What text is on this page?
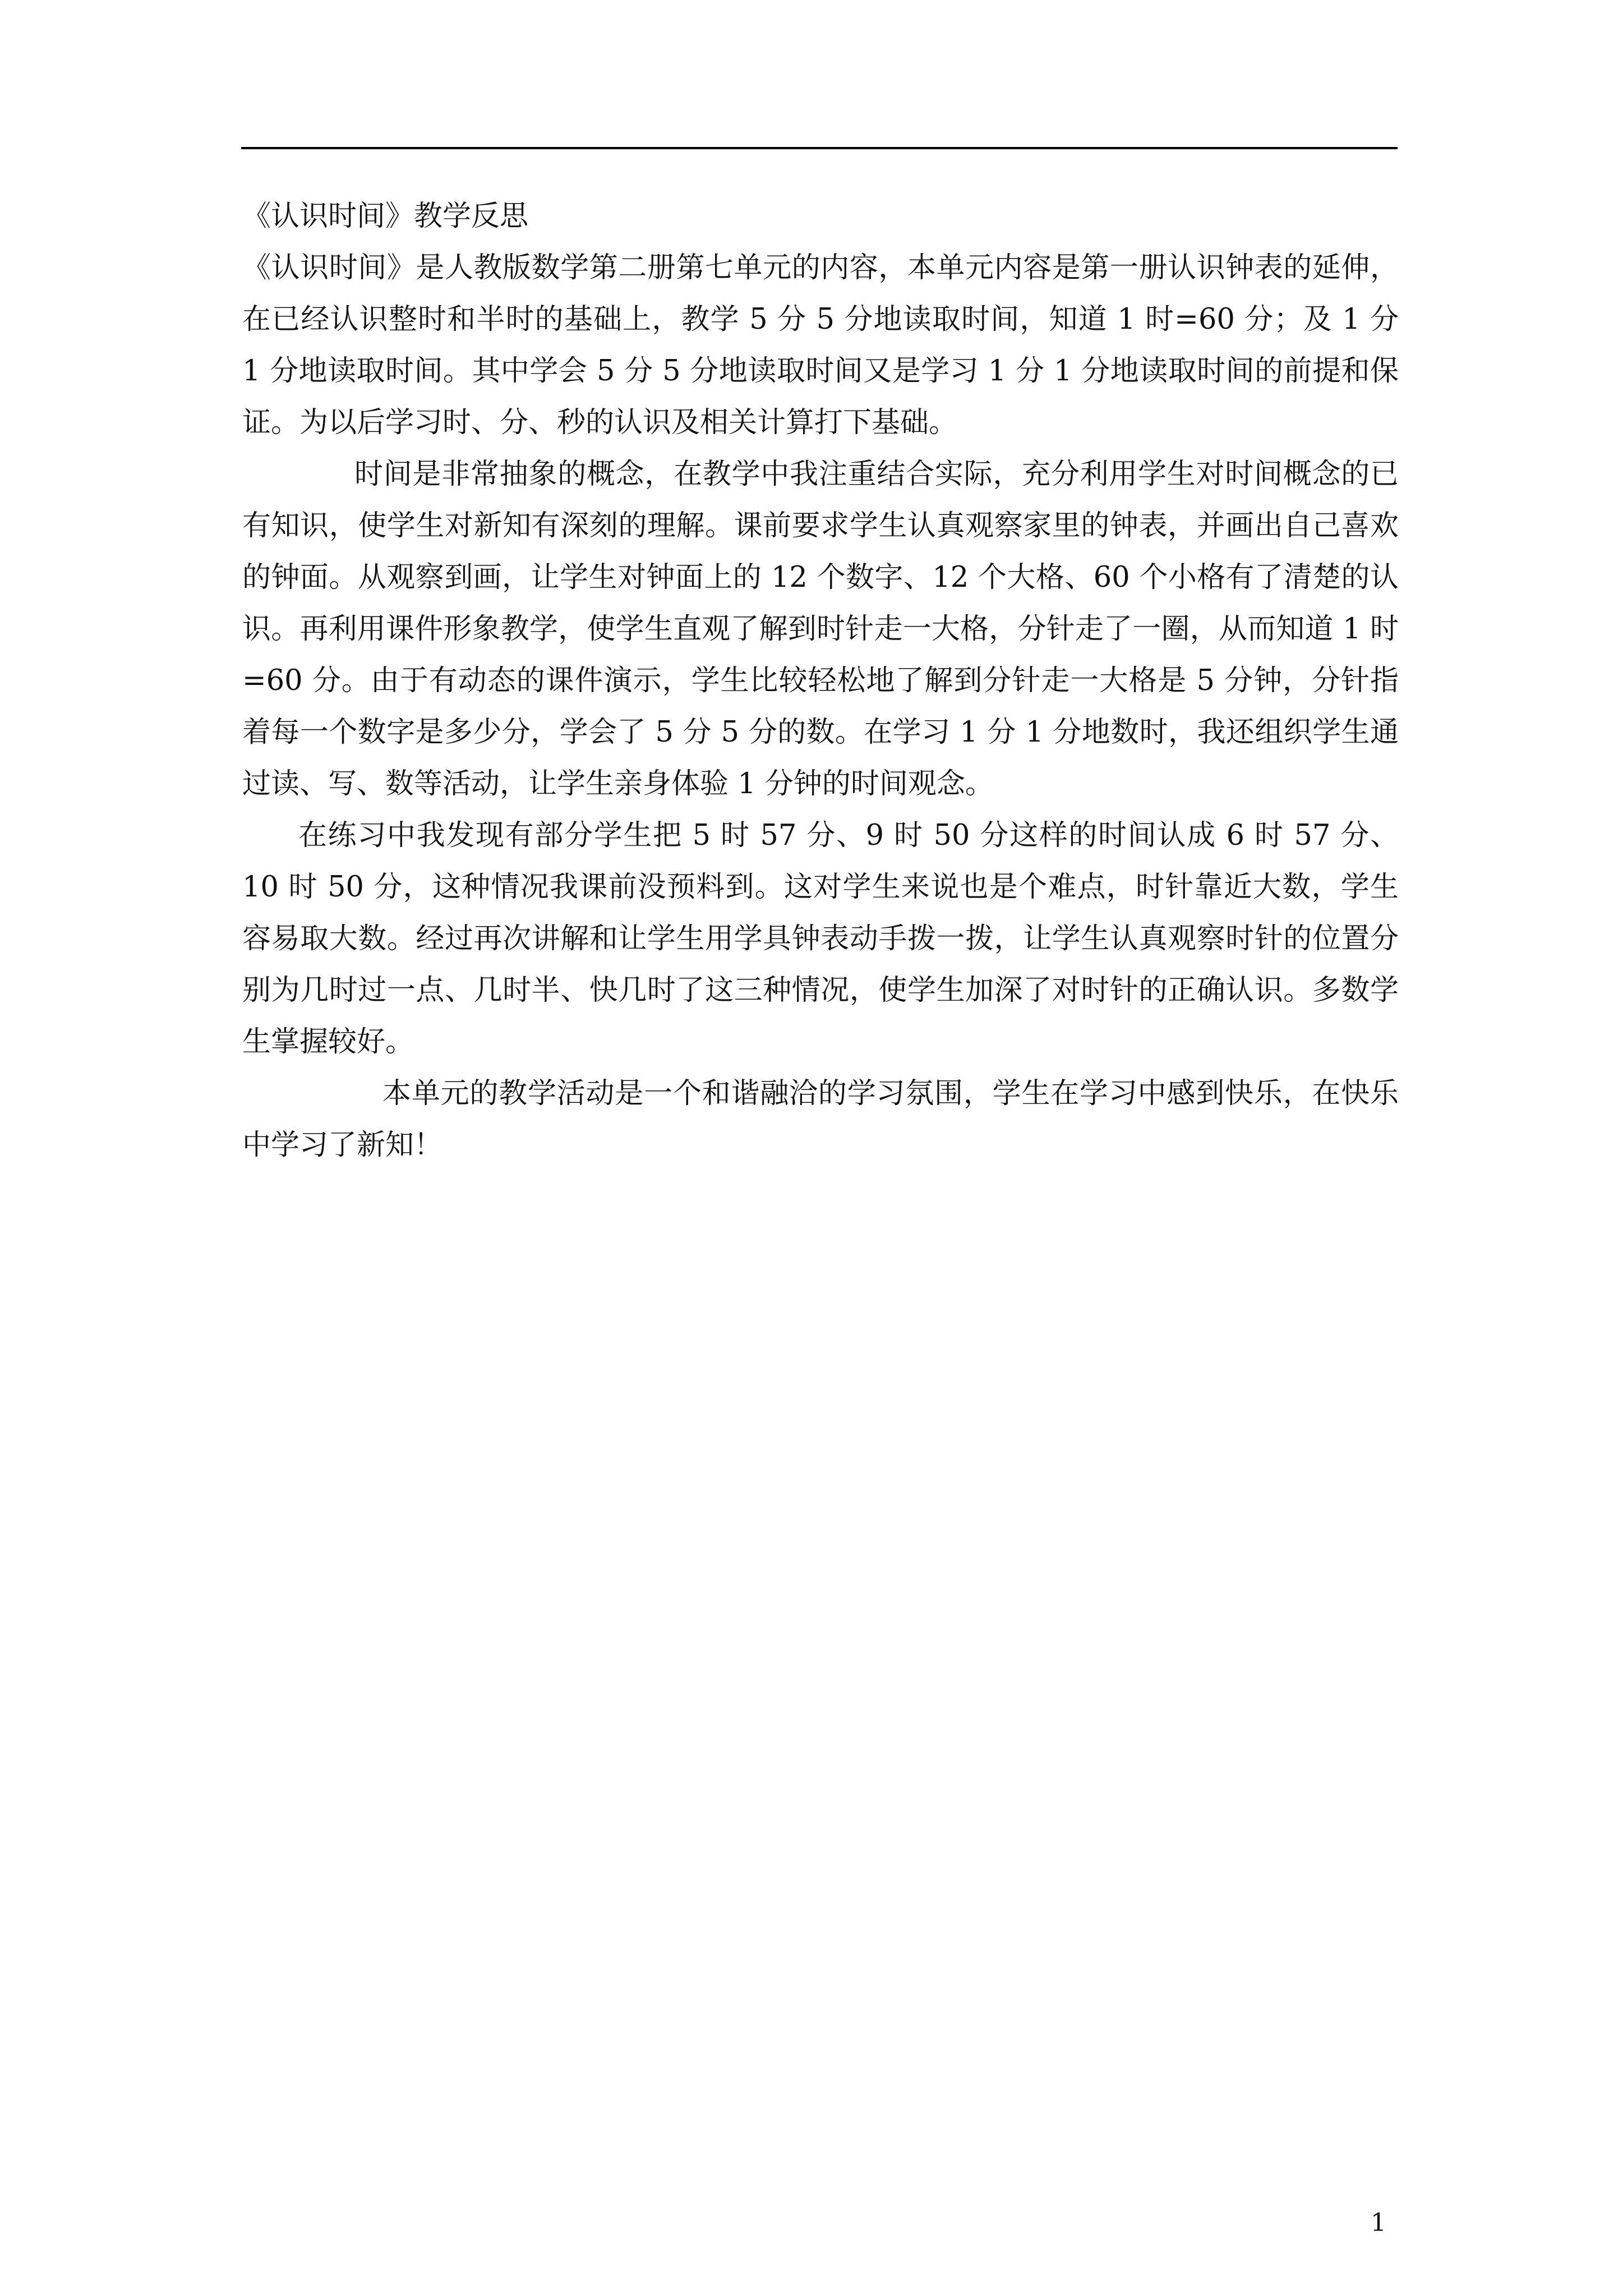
《认识时间》教学反思

《认识时间》是人教版数学第二册第七单元的内容，本单元内容是第一册认识钟表的延伸，在已经认识整时和半时的基础上，教学 5 分 5 分地读取时间，知道 1 时=60 分；及 1 分 1 分地读取时间。其中学会 5 分 5 分地读取时间又是学习 1 分 1 分地读取时间的前提和保证。为以后学习时、分、秒的认识及相关计算打下基础。

时间是非常抽象的概念，在教学中我注重结合实际，充分利用学生对时间概念的已有知识，使学生对新知有深刻的理解。课前要求学生认真观察家里的钟表，并画出自己喜欢的钟面。从观察到画，让学生对钟面上的 12 个数字、12 个大格、60 个小格有了清楚的认识。再利用课件形象教学，使学生直观了解到时针走一大格，分针走了一圈，从而知道 1 时=60 分。由于有动态的课件演示，学生比较轻松地了解到分针走一大格是 5 分钟，分针指着每一个数字是多少分，学会了 5 分 5 分的数。在学习 1 分 1 分地数时，我还组织学生通过读、写、数等活动，让学生亲身体验 1 分钟的时间观念。

在练习中我发现有部分学生把 5 时 57 分、9 时 50 分这样的时间认成 6 时 57 分、10 时 50 分，这种情况我课前没预料到。这对学生来说也是个难点，时针靠近大数，学生容易取大数。经过再次讲解和让学生用学具钟表动手拨一拨，让学生认真观察时针的位置分别为几时过一点、几时半、快几时了这三种情况，使学生加深了对时针的正确认识。多数学生掌握较好。

本单元的教学活动是一个和谐融洽的学习氛围，学生在学习中感到快乐，在快乐中学习了新知！

1
